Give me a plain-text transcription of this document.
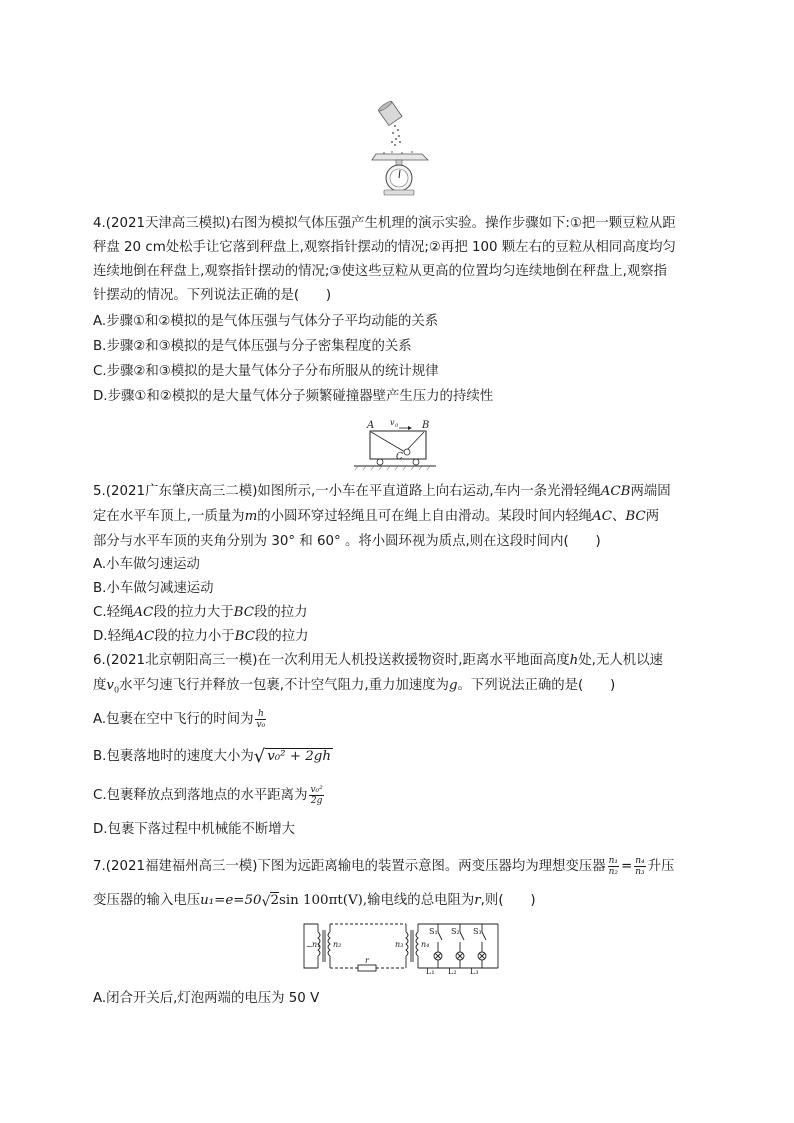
4.(2021天津高三模拟)右图为模拟气体压强产生机理的演示实验。操作步骤如下:①把一颗豆粒从距
秤盘 20 cm处松手让它落到秤盘上,观察指针摆动的情况;②再把 100 颗左右的豆粒从相同高度均匀
连续地倒在秤盘上,观察指针摆动的情况;③使这些豆粒从更高的位置均匀连续地倒在秤盘上,观察指
针摆动的情况。下列说法正确的是(　　)
A.步骤①和②模拟的是气体压强与气体分子平均动能的关系
B.步骤②和③模拟的是气体压强与分子密集程度的关系
C.步骤②和③模拟的是大量气体分子分布所服从的统计规律
D.步骤①和②模拟的是大量气体分子频繁碰撞器壁产生压力的持续性
A	B
v 0
C
5.(2021广东肇庆高三二模)如图所示,一小车在平直道路上向右运动,车内一条光滑轻绳ACB两端固
定在水平车顶上,一质量为m的小圆环穿过轻绳且可在绳上自由滑动。某段时间内轻绳AC、BC两
部分与水平车顶的夹角分别为 30° 和 60° 。将小圆环视为质点,则在这段时间内(　　)
A.小车做匀速运动
B.小车做匀减速运动
C.轻绳AC段的拉力大于BC段的拉力
D.轻绳AC段的拉力小于BC段的拉力
6.(2021北京朝阳高三一模)在一次利用无人机投送救援物资时,距离水平地面高度h处,无人机以速
度$v_0$水平匀速飞行并释放一包裹,不计空气阻力,重力加速度为g。下列说法正确的是(　　)
A.包裹在空中飞行的时间为 $\frac{h}{\text{v₀}}$
B.包裹落地时的速度大小为√ v₀² + 2gh
C.包裹释放点到落地点的水平距离为 $\frac{\text{v₀²}}{2g}$
D.包裹下落过程中机械能不断增大
7.(2021福建福州高三一模)下图为远距离输电的装置示意图。两变压器均为理想变压器 $\frac{\text{n₁}}{\text{n₂}} = \frac{\text{n₄}}{\text{n₃}}$ 升压
变压器的输入电压u₁=e=50√2sin 100πt(V),输电线的总电阻为r,则(　　)
~ n₁ n₂	n₃ n₄
r
S₁ S₂ S₃
L₁ L₂ L₃
A.闭合开关后,灯泡两端的电压为 50 V
